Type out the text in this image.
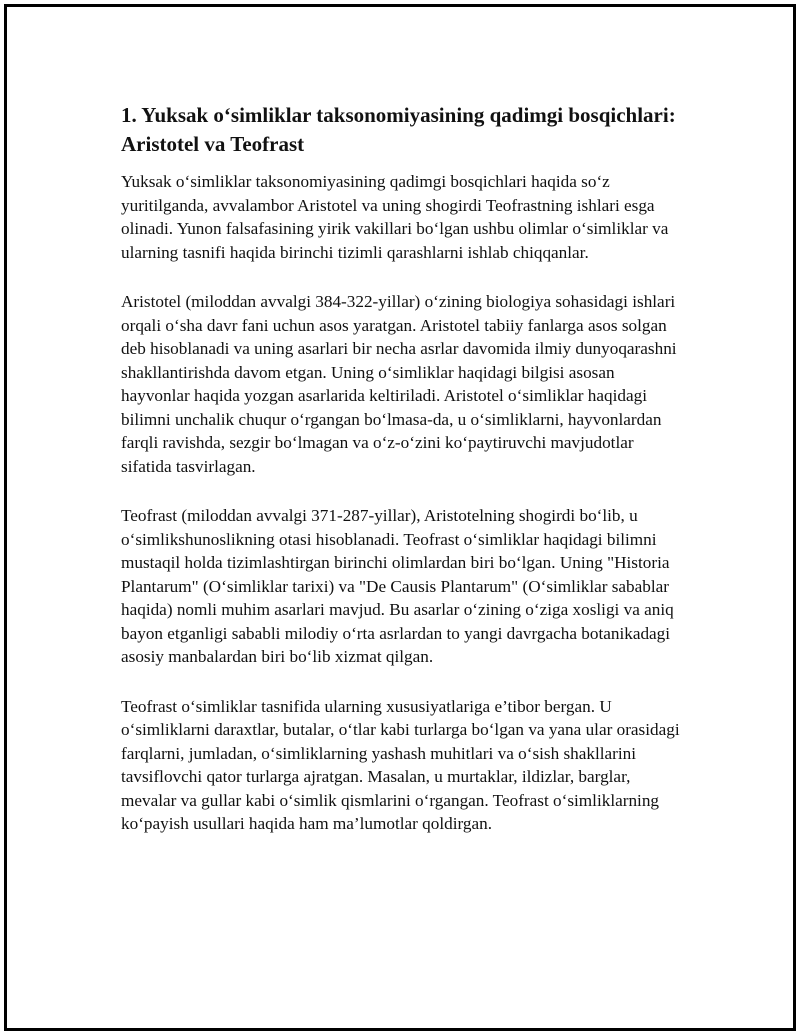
1. Yuksak o‘simliklar taksonomiyasining qadimgi bosqichlari: Aristotel va Teofrast

Yuksak o‘simliklar taksonomiyasining qadimgi bosqichlari haqida so‘z yuritilganda, avvalambor Aristotel va uning shogirdi Teofrastning ishlari esga olinadi. Yunon falsafasining yirik vakillari bo‘lgan ushbu olimlar o‘simliklar va ularning tasnifi haqida birinchi tizimli qarashlarni ishlab chiqqanlar.

Aristotel (miloddan avvalgi 384-322-yillar) o‘zining biologiya sohasidagi ishlari orqali o‘sha davr fani uchun asos yaratgan. Aristotel tabiiy fanlarga asos solgan deb hisoblanadi va uning asarlari bir necha asrlar davomida ilmiy dunyoqarashni shakllantirishda davom etgan. Uning o‘simliklar haqidagi bilgisi asosan hayvonlar haqida yozgan asarlarida keltiriladi. Aristotel o‘simliklar haqidagi bilimni unchalik chuqur o‘rgangan bo‘lmasa-da, u o‘simliklarni, hayvonlardan farqli ravishda, sezgir bo‘lmagan va o‘z-o‘zini ko‘paytiruvchi mavjudotlar sifatida tasvirlagan.

Teofrast (miloddan avvalgi 371-287-yillar), Aristotelning shogirdi bo‘lib, u o‘simlikshunoslikning otasi hisoblanadi. Teofrast o‘simliklar haqidagi bilimni mustaqil holda tizimlashtirgan birinchi olimlardan biri bo‘lgan. Uning "Historia Plantarum" (O‘simliklar tarixi) va "De Causis Plantarum" (O‘simliklar sabablar haqida) nomli muhim asarlari mavjud. Bu asarlar o‘zining o‘ziga xosligi va aniq bayon etganligi sababli milodiy o‘rta asrlardan to yangi davrgacha botanikadagi asosiy manbalardan biri bo‘lib xizmat qilgan.

Teofrast o‘simliklar tasnifida ularning xususiyatlariga e’tibor bergan. U o‘simliklarni daraxtlar, butalar, o‘tlar kabi turlarga bo‘lgan va yana ular orasidagi farqlarni, jumladan, o‘simliklarning yashash muhitlari va o‘sish shakllarini tavsiflovchi qator turlarga ajratgan. Masalan, u murtaklar, ildizlar, barglar, mevalar va gullar kabi o‘simlik qismlarini o‘rgangan. Teofrast o‘simliklarning ko‘payish usullari haqida ham ma’lumotlar qoldirgan.
